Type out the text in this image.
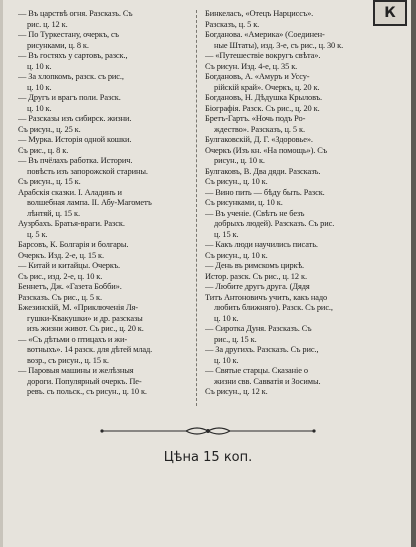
К
— Въ царствѣ огня. Разсказъ. Съ
рис. ц. 12 к.
— По Туркестану, очеркъ, съ
рисунками, ц. 8 к.
— Въ гостяхъ у сартовъ, разск.,
ц. 10 к.
— За хлопкомъ, разск. съ рис.,
ц. 10 к.
— Другъ и врагъ поли. Разск.
ц. 10 к.
— Разсказы изъ сибирск. жизни.
Съ рисун., ц. 25 к.
— Мурка. Исторія одной кошки.
Съ рис., ц. 8 к.
— Въ пчёлахъ работка. Историч.
повѣсть изъ запорожской старины.
Съ рисун., ц. 15 к.
Арабскія сказки. I. Аладинъ и
волшебная лампа. II. Абу-Магометъ
лѣнтяй, ц. 15 к.
Аузрбахъ. Братья-враги. Разск.
ц. 5 к.
Барсовъ, К. Болгарія и болгары.
Очеркъ. Изд. 2-е, ц. 15 к.
— Китай и китайцы. Очеркъ.
Съ рис., изд. 2-е, ц. 10 к.
Беннетъ, Дж. «Газета Бобби».
Разсказъ. Съ рис., ц. 5 к.
Бжезинскій, М. «Приключенія Ля-
гушки-Квакушки» и др. разсказы
изъ жизни живот. Съ рис., ц. 20 к.
— «Съ дѣтьми о птицахъ и жи-
вотныхъ». 14 разск. для дѣтей млад.
возр., съ рисун., ц. 15 к.
— Паровыя машины и желѣзныя
дороги. Популярный очеркъ. Пе-
ревъ. съ польск., съ рисун., ц. 10 к.
Бинкеласъ, «Отецъ Нарциссъ».
Разсказъ, ц. 5 к.
Богданова. «Америка» (Соединен-
ные Штаты), изд. 3-е, съ рис., ц. 30 к.
— «Путешествіе вокругъ свѣта».
Съ рисун. Изд. 4-е, ц. 35 к.
Богдановъ, А. «Амуръ и Уссу-
рійскій край». Очеркъ, ц. 20 к.
Богдановъ, Н. Дѣдушка Крыловъ.
Біографія. Разск. Съ рис., ц. 20 к.
Бретъ-Гартъ. «Ночь подъ Ро-
ждество». Разсказъ, ц. 5 к.
Булгаковскій, Д. Г. «Здоровье».
Очеркъ (Изъ кн. «На помощь»). Съ
рисун., ц. 10 к.
Булгаковъ, В. Два дяди. Разсказъ.
Съ рисун., ц. 10 к.
— Вино пить — бѣду быть. Разск.
Съ рисунками, ц. 10 к.
— Въ ученіе. (Свѣтъ не безъ
добрыхъ людей). Разсказъ. Съ рис.
ц. 15 к.
— Какъ люди научились писать.
Съ рисун., ц. 10 к.
— День въ римскомъ циркѣ.
Истор. разск. Съ рис., ц. 12 к.
— Любите другъ друга. (Дядя
Титъ Антоновичъ учитъ, какъ надо
любить ближняго). Разск. Съ рис.,
ц. 10 к.
— Сиротка Дуня. Разсказъ. Съ
рис., ц. 15 к.
— За другихъ. Разсказъ. Съ рис.,
ц. 10 к.
— Святые старцы. Сказаніе о
жизни свв. Савватія и Зосимы.
Съ рисун., ц. 12 к.
Цѣна 15 коп.
